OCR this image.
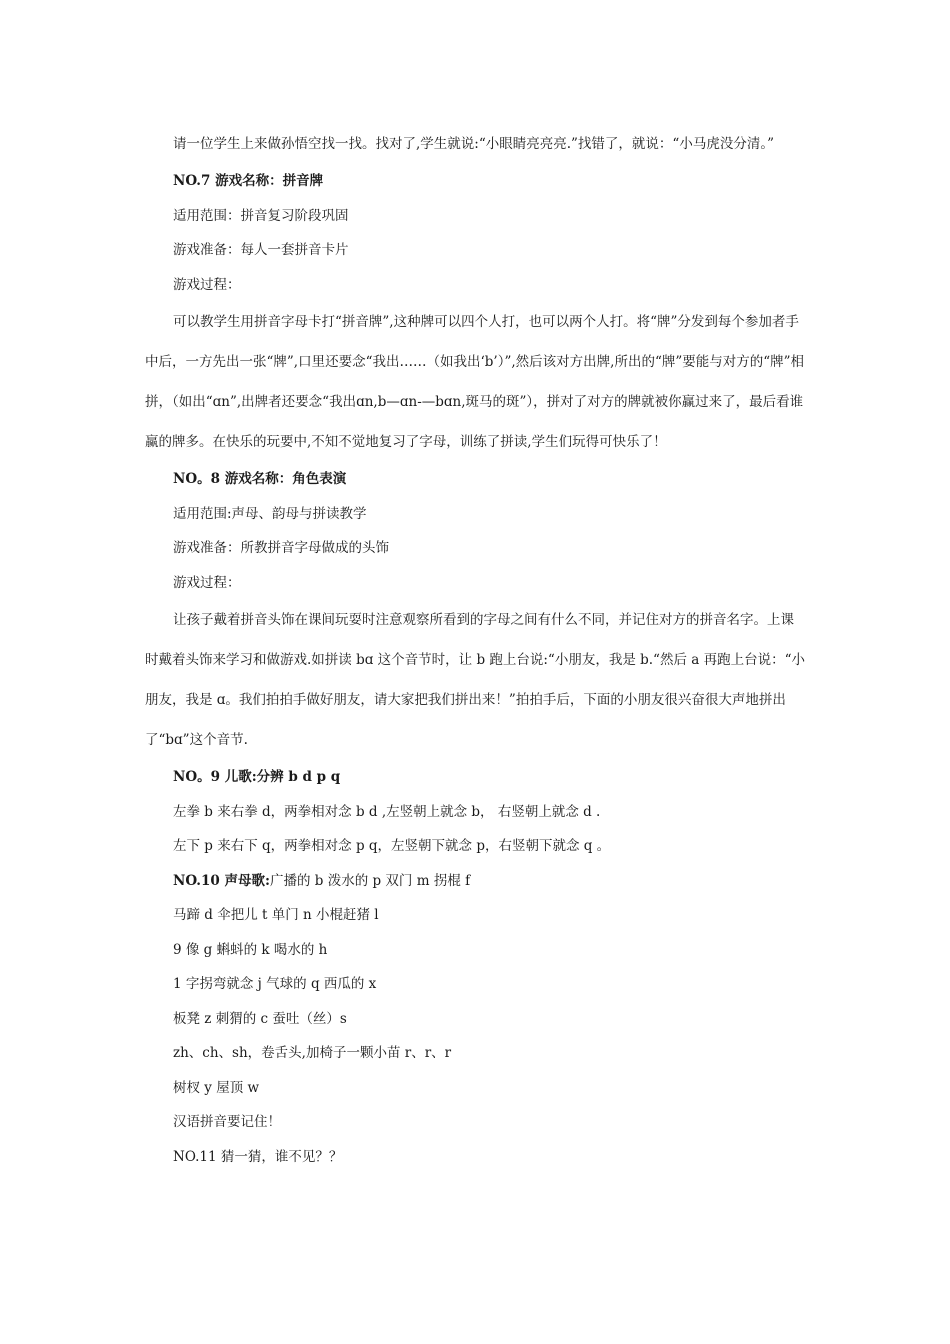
请一位学生上来做孙悟空找一找。找对了,学生就说:“小眼睛亮亮亮.”找错了，就说：“小马虎没分清。”

NO.7 游戏名称：拼音牌

适用范围：拼音复习阶段巩固

游戏准备：每人一套拼音卡片

游戏过程：

可以教学生用拼音字母卡打“拼音牌”,这种牌可以四个人打，也可以两个人打。将“牌”分发到每个参加者手中后，一方先出一张“牌”,口里还要念“我出……（如我出‘b’）”,然后该对方出牌,所出的“牌”要能与对方的“牌”相拼，（如出“ɑn”,出牌者还要念“我出ɑn,b—ɑn-—bɑn,斑马的斑”），拼对了对方的牌就被你赢过来了，最后看谁赢的牌多。在快乐的玩要中,不知不觉地复习了字母，训练了拼读,学生们玩得可快乐了！

NO。8 游戏名称：角色表演

适用范围:声母、韵母与拼读教学

游戏准备：所教拼音字母做成的头饰

游戏过程：

让孩子戴着拼音头饰在课间玩耍时注意观察所看到的字母之间有什么不同，并记住对方的拼音名字。上课时戴着头饰来学习和做游戏.如拼读 bɑ 这个音节时，让 b 跑上台说:“小朋友，我是 b.“然后 a 再跑上台说：“小朋友，我是 ɑ。我们拍拍手做好朋友，请大家把我们拼出来！”拍拍手后，下面的小朋友很兴奋很大声地拼出了“bɑ”这个音节.

NO。9 儿歌:分辨 b d p q

左拳 b 来右拳 d，两拳相对念 b d ,左竖朝上就念 b， 右竖朝上就念 d .

左下 p 来右下 q，两拳相对念 p q，左竖朝下就念 p，右竖朝下就念 q 。

NO.10 声母歌:广播的 b 泼水的 p 双门 m 拐棍 f

马蹄 d 伞把儿 t 单门 n 小棍赶猪 l

9 像 g 蝌蚪的 k 喝水的 h

1 字拐弯就念 j 气球的 q 西瓜的 x

板凳 z 刺猬的 c 蚕吐（丝）s

zh、ch、sh，卷舌头,加椅子一颗小苗 r、r、r

树杈 y 屋顶 w

汉语拼音要记住！

NO.11 猜一猜，谁不见？？
